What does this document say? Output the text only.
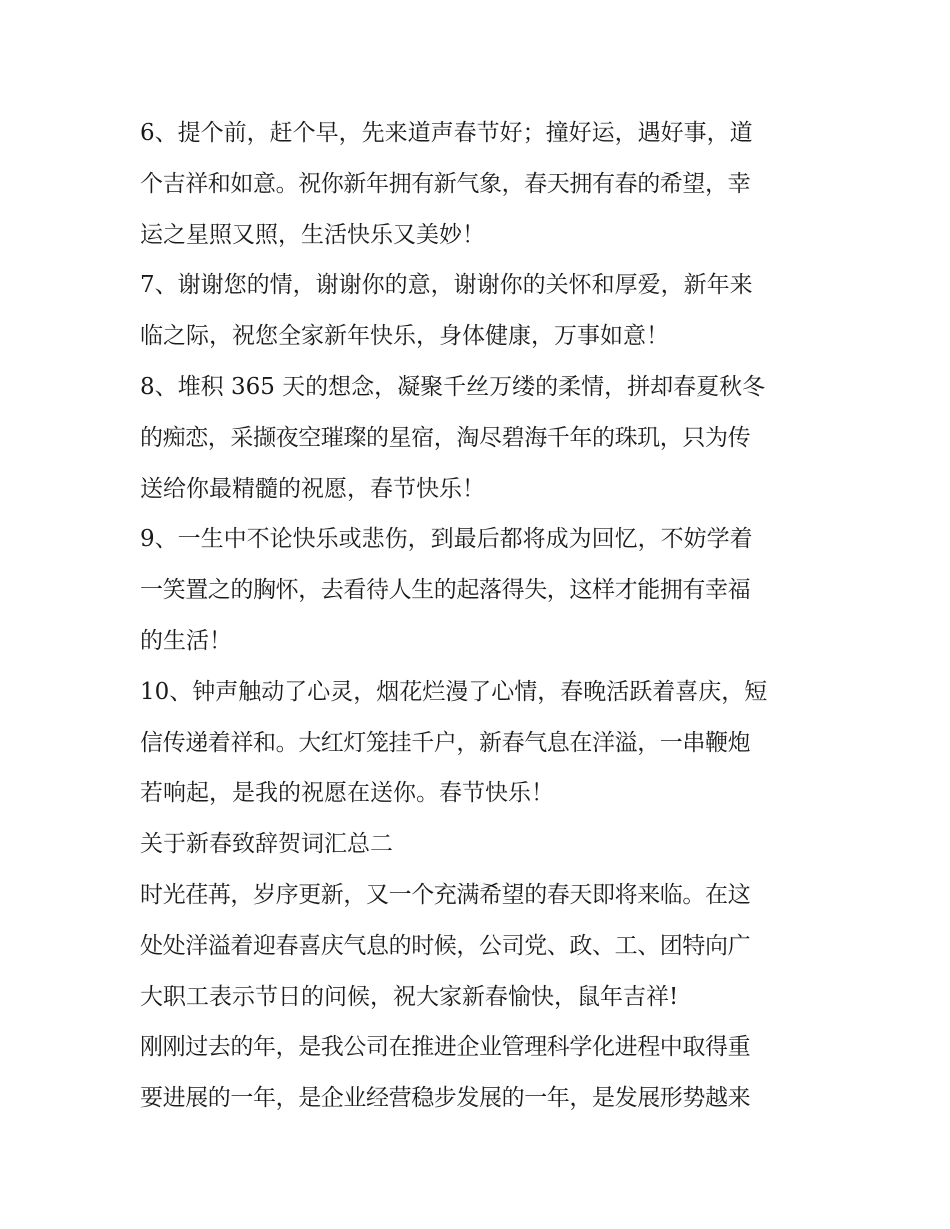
6、提个前，赶个早，先来道声春节好；撞好运，遇好事，道
个吉祥和如意。祝你新年拥有新气象，春天拥有春的希望，幸
运之星照又照，生活快乐又美妙！
7、谢谢您的情，谢谢你的意，谢谢你的关怀和厚爱，新年来
临之际，祝您全家新年快乐，身体健康，万事如意！
8、堆积 365 天的想念，凝聚千丝万缕的柔情，拼却春夏秋冬
的痴恋，采撷夜空璀璨的星宿，淘尽碧海千年的珠玑，只为传
送给你最精髓的祝愿，春节快乐！
9、一生中不论快乐或悲伤，到最后都将成为回忆，不妨学着
一笑置之的胸怀，去看待人生的起落得失，这样才能拥有幸福
的生活！
10、钟声触动了心灵，烟花烂漫了心情，春晚活跃着喜庆，短
信传递着祥和。大红灯笼挂千户，新春气息在洋溢，一串鞭炮
若响起，是我的祝愿在送你。春节快乐！
关于新春致辞贺词汇总二
时光荏苒，岁序更新，又一个充满希望的春天即将来临。在这
处处洋溢着迎春喜庆气息的时候，公司党、政、工、团特向广
大职工表示节日的问候，祝大家新春愉快，鼠年吉祥!
刚刚过去的年，是我公司在推进企业管理科学化进程中取得重
要进展的一年，是企业经营稳步发展的一年，是发展形势越来
